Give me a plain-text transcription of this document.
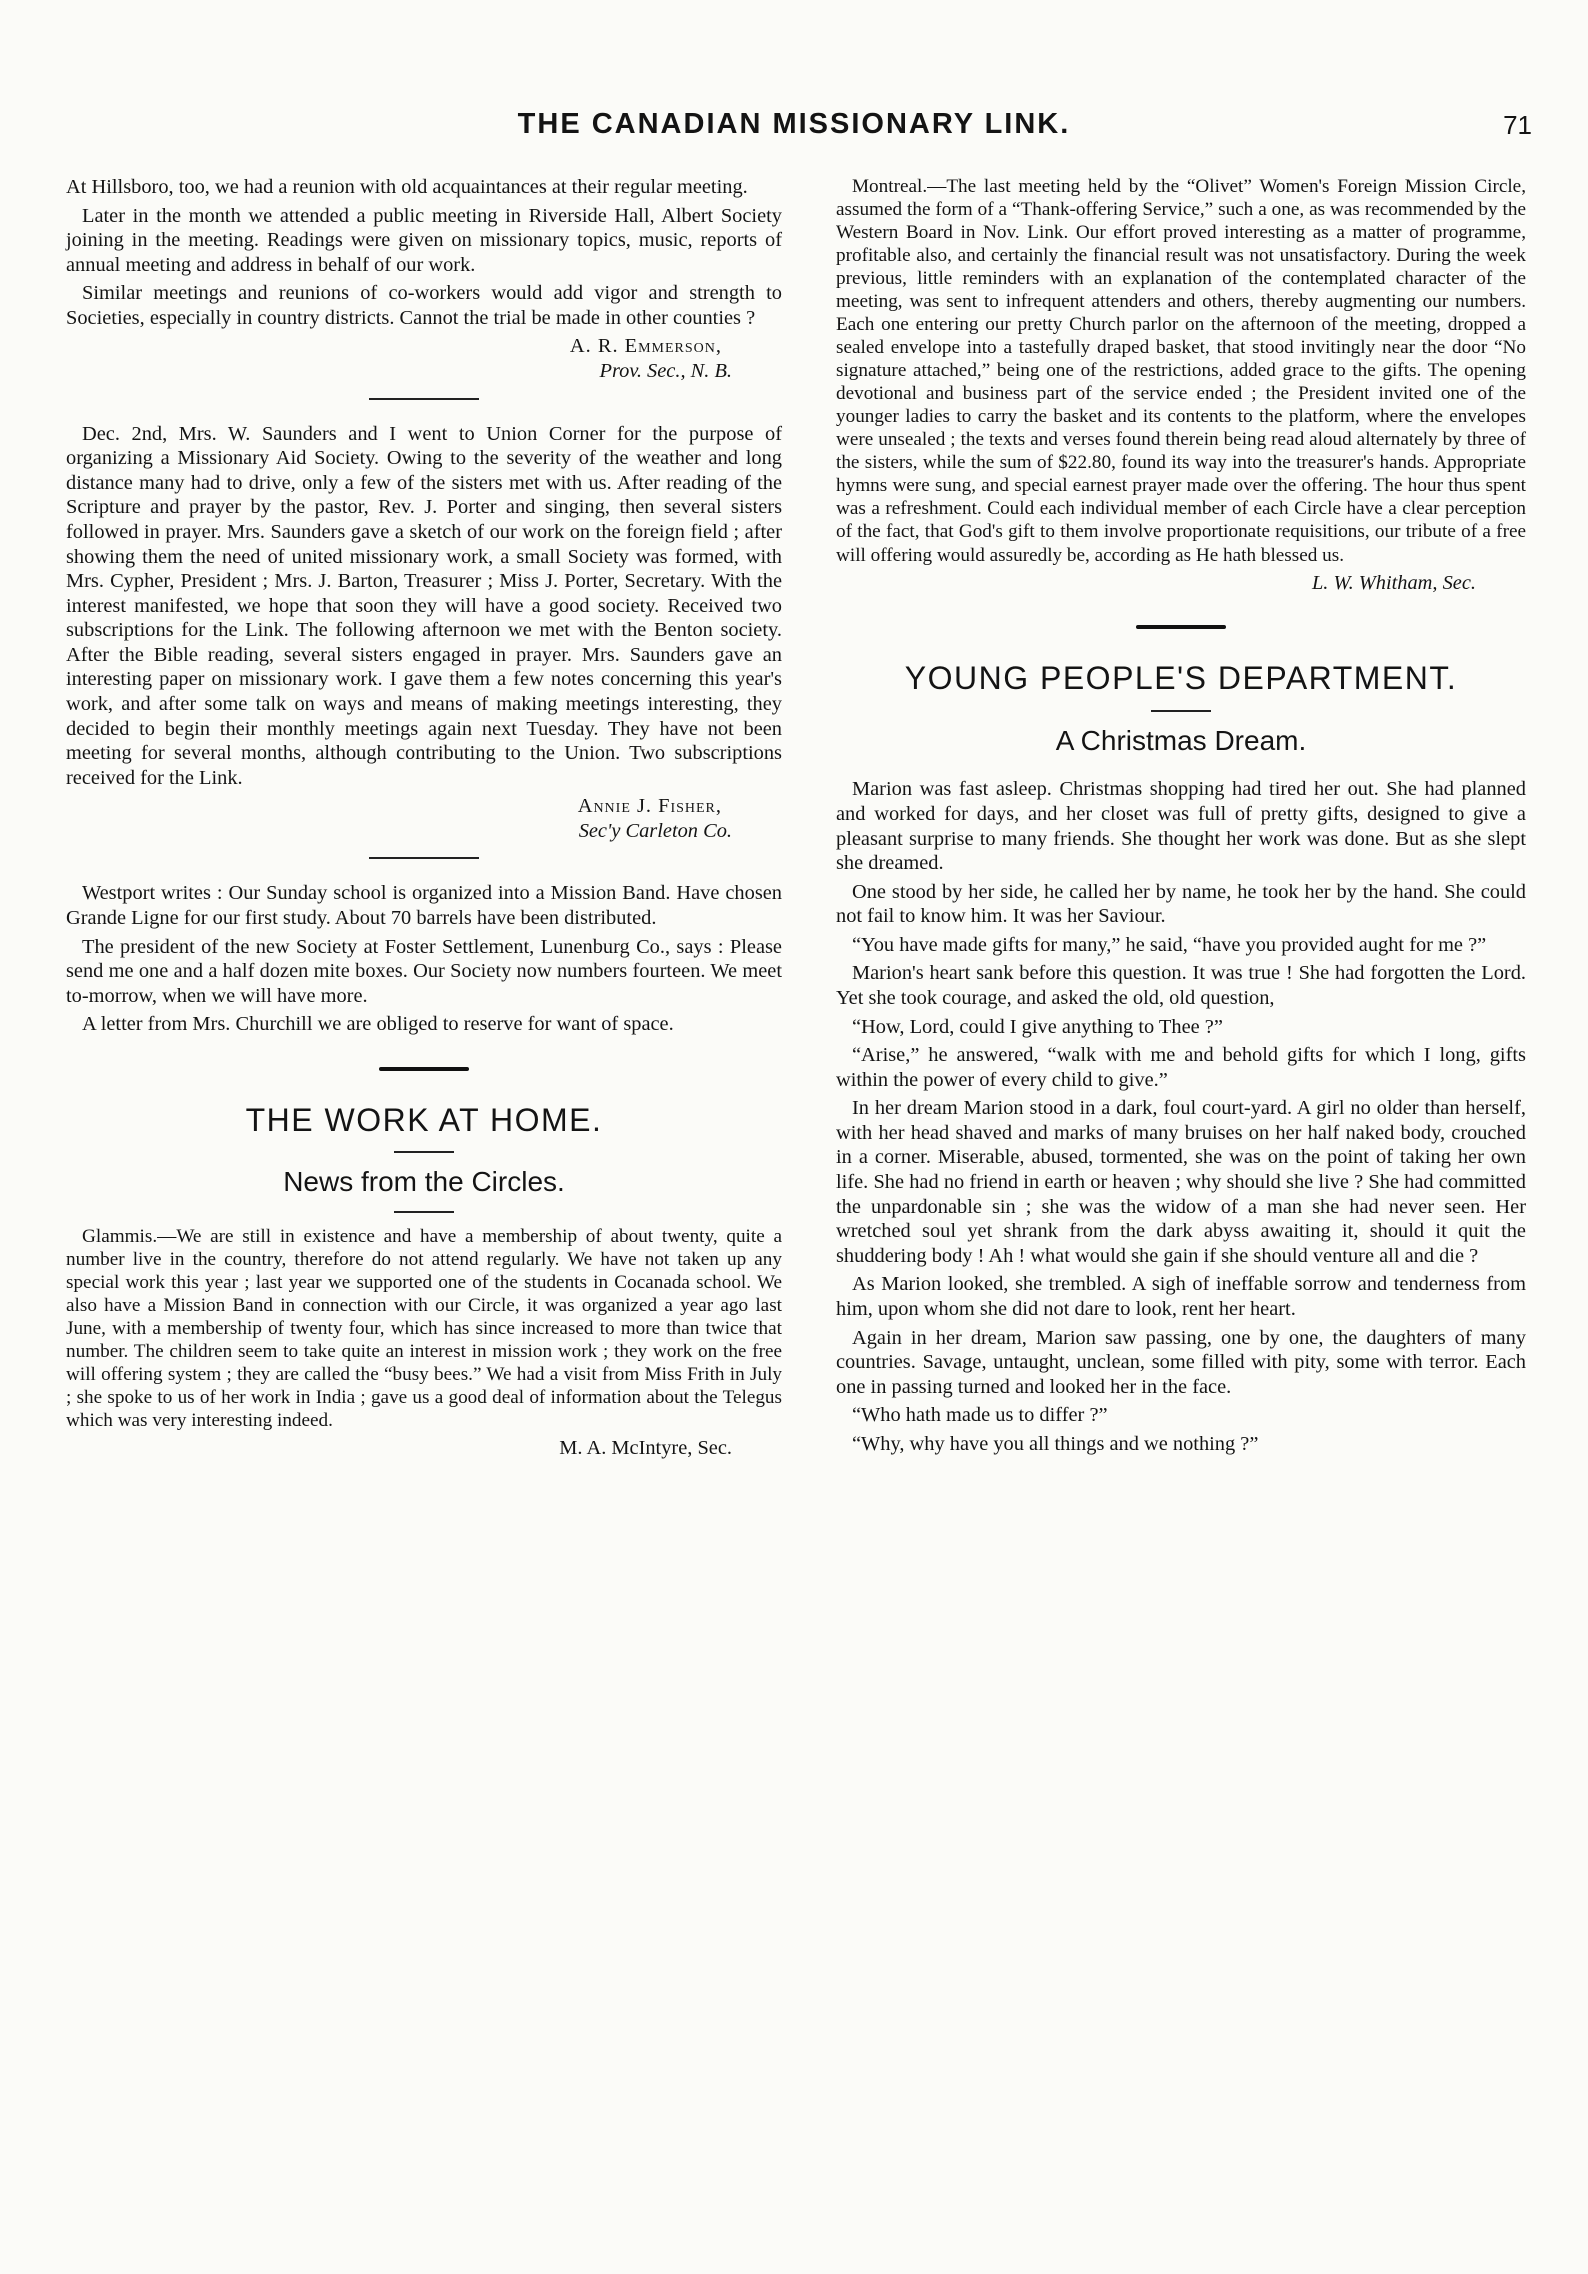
THE CANADIAN MISSIONARY LINK.	71

At Hillsboro, too, we had a reunion with old acquaintances at their regular meeting.

Later in the month we attended a public meeting in Riverside Hall, Albert Society joining in the meeting. Readings were given on missionary topics, music, reports of annual meeting and address in behalf of our work.

Similar meetings and reunions of co-workers would add vigor and strength to Societies, especially in country districts. Cannot the trial be made in other counties ?

A. R. Emmerson,
Prov. Sec., N. B.

Dec. 2nd, Mrs. W. Saunders and I went to Union Corner for the purpose of organizing a Missionary Aid Society. Owing to the severity of the weather and long distance many had to drive, only a few of the sisters met with us. After reading of the Scripture and prayer by the pastor, Rev. J. Porter and singing, then several sisters followed in prayer. Mrs. Saunders gave a sketch of our work on the foreign field ; after showing them the need of united missionary work, a small Society was formed, with Mrs. Cypher, President ; Mrs. J. Barton, Treasurer ; Miss J. Porter, Secretary. With the interest manifested, we hope that soon they will have a good society. Received two subscriptions for the Link. The following afternoon we met with the Benton society. After the Bible reading, several sisters engaged in prayer. Mrs. Saunders gave an interesting paper on missionary work. I gave them a few notes concerning this year's work, and after some talk on ways and means of making meetings interesting, they decided to begin their monthly meetings again next Tuesday. They have not been meeting for several months, although contributing to the Union. Two subscriptions received for the Link.

Annie J. Fisher,
Sec'y Carleton Co.

Westport writes : Our Sunday school is organized into a Mission Band. Have chosen Grande Ligne for our first study. About 70 barrels have been distributed.

The president of the new Society at Foster Settlement, Lunenburg Co., says : Please send me one and a half dozen mite boxes. Our Society now numbers fourteen. We meet to-morrow, when we will have more.

A letter from Mrs. Churchill we are obliged to reserve for want of space.

THE WORK AT HOME.
News from the Circles.

Glammis.—We are still in existence and have a membership of about twenty, quite a number live in the country, therefore do not attend regularly. We have not taken up any special work this year ; last year we supported one of the students in Cocanada school. We also have a Mission Band in connection with our Circle, it was organized a year ago last June, with a membership of twenty four, which has since increased to more than twice that number. The children seem to take quite an interest in mission work ; they work on the free will offering system ; they are called the “busy bees.” We had a visit from Miss Frith in July ; she spoke to us of her work in India ; gave us a good deal of information about the Telegus which was very interesting indeed.

M. A. McIntyre, Sec.

Montreal.—The last meeting held by the “Olivet” Women's Foreign Mission Circle, assumed the form of a “Thank-offering Service,” such a one, as was recommended by the Western Board in Nov. Link. Our effort proved interesting as a matter of programme, profitable also, and certainly the financial result was not unsatisfactory. During the week previous, little reminders with an explanation of the contemplated character of the meeting, was sent to infrequent attenders and others, thereby augmenting our numbers. Each one entering our pretty Church parlor on the afternoon of the meeting, dropped a sealed envelope into a tastefully draped basket, that stood invitingly near the door “No signature attached,” being one of the restrictions, added grace to the gifts. The opening devotional and business part of the service ended ; the President invited one of the younger ladies to carry the basket and its contents to the platform, where the envelopes were unsealed ; the texts and verses found therein being read aloud alternately by three of the sisters, while the sum of $22.80, found its way into the treasurer's hands. Appropriate hymns were sung, and special earnest prayer made over the offering. The hour thus spent was a refreshment. Could each individual member of each Circle have a clear perception of the fact, that God's gift to them involve proportionate requisitions, our tribute of a free will offering would assuredly be, according as He hath blessed us.

L. W. Whitham, Sec.
YOUNG PEOPLE'S DEPARTMENT.
A Christmas Dream.

Marion was fast asleep. Christmas shopping had tired her out. She had planned and worked for days, and her closet was full of pretty gifts, designed to give a pleasant surprise to many friends. She thought her work was done. But as she slept she dreamed.

One stood by her side, he called her by name, he took her by the hand. She could not fail to know him. It was her Saviour.

“You have made gifts for many,” he said, “have you provided aught for me ?”

Marion's heart sank before this question. It was true ! She had forgotten the Lord. Yet she took courage, and asked the old, old question,

“How, Lord, could I give anything to Thee ?”

“Arise,” he answered, “walk with me and behold gifts for which I long, gifts within the power of every child to give.”

In her dream Marion stood in a dark, foul court-yard. A girl no older than herself, with her head shaved and marks of many bruises on her half naked body, crouched in a corner. Miserable, abused, tormented, she was on the point of taking her own life. She had no friend in earth or heaven ; why should she live ? She had committed the unpardonable sin ; she was the widow of a man she had never seen. Her wretched soul yet shrank from the dark abyss awaiting it, should it quit the shuddering body ! Ah ! what would she gain if she should venture all and die ?

As Marion looked, she trembled. A sigh of ineffable sorrow and tenderness from him, upon whom she did not dare to look, rent her heart.

Again in her dream, Marion saw passing, one by one, the daughters of many countries. Savage, untaught, unclean, some filled with pity, some with terror. Each one in passing turned and looked her in the face.

“Who hath made us to differ ?”

“Why, why have you all things and we nothing ?”
